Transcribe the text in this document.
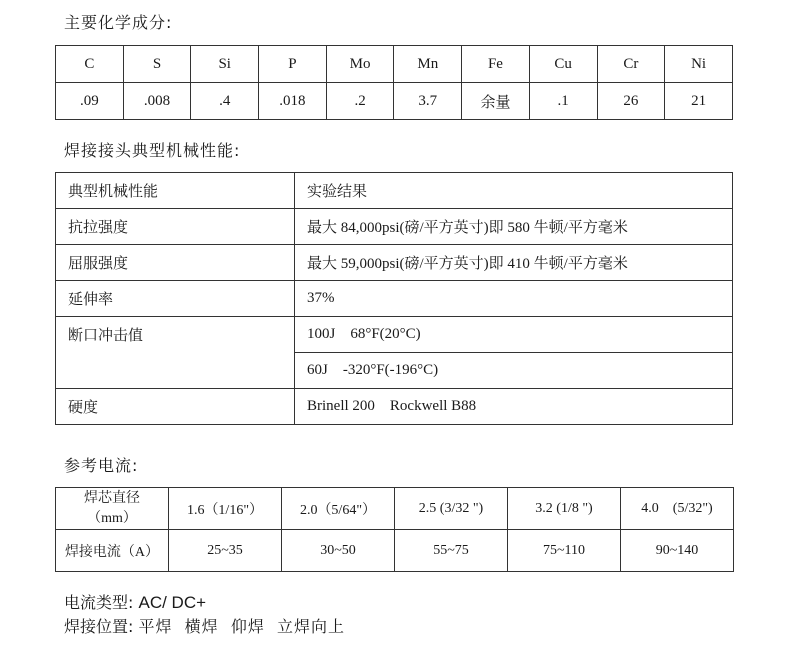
主要化学成分:
C	S	Si	P	Mo	Mn	Fe	Cu	Cr	Ni
.09	.008	.4	.018	.2	3.7	余量	.1	26	21
焊接接头典型机械性能:
典型机械性能	实验结果
抗拉强度	最大 84,000psi(磅/平方英寸)即 580 牛顿/平方毫米
屈服强度	最大 59,000psi(磅/平方英寸)即 410 牛顿/平方毫米
延伸率	37%
断口冲击值	100J    68°F(20°C)
	60J    -320°F(-196°C)
硬度	Brinell 200    Rockwell B88
参考电流:
焊芯直径
（mm）	1.6（1/16"）	2.0（5/64"）	2.5 (3/32 ")	3.2 (1/8 ")	4.0    (5/32")
焊接电流（A）	25~35	30~50	55~75	75~110	90~140
电流类型: AC/ DC+
焊接位置: 平焊  横焊  仰焊  立焊向上
